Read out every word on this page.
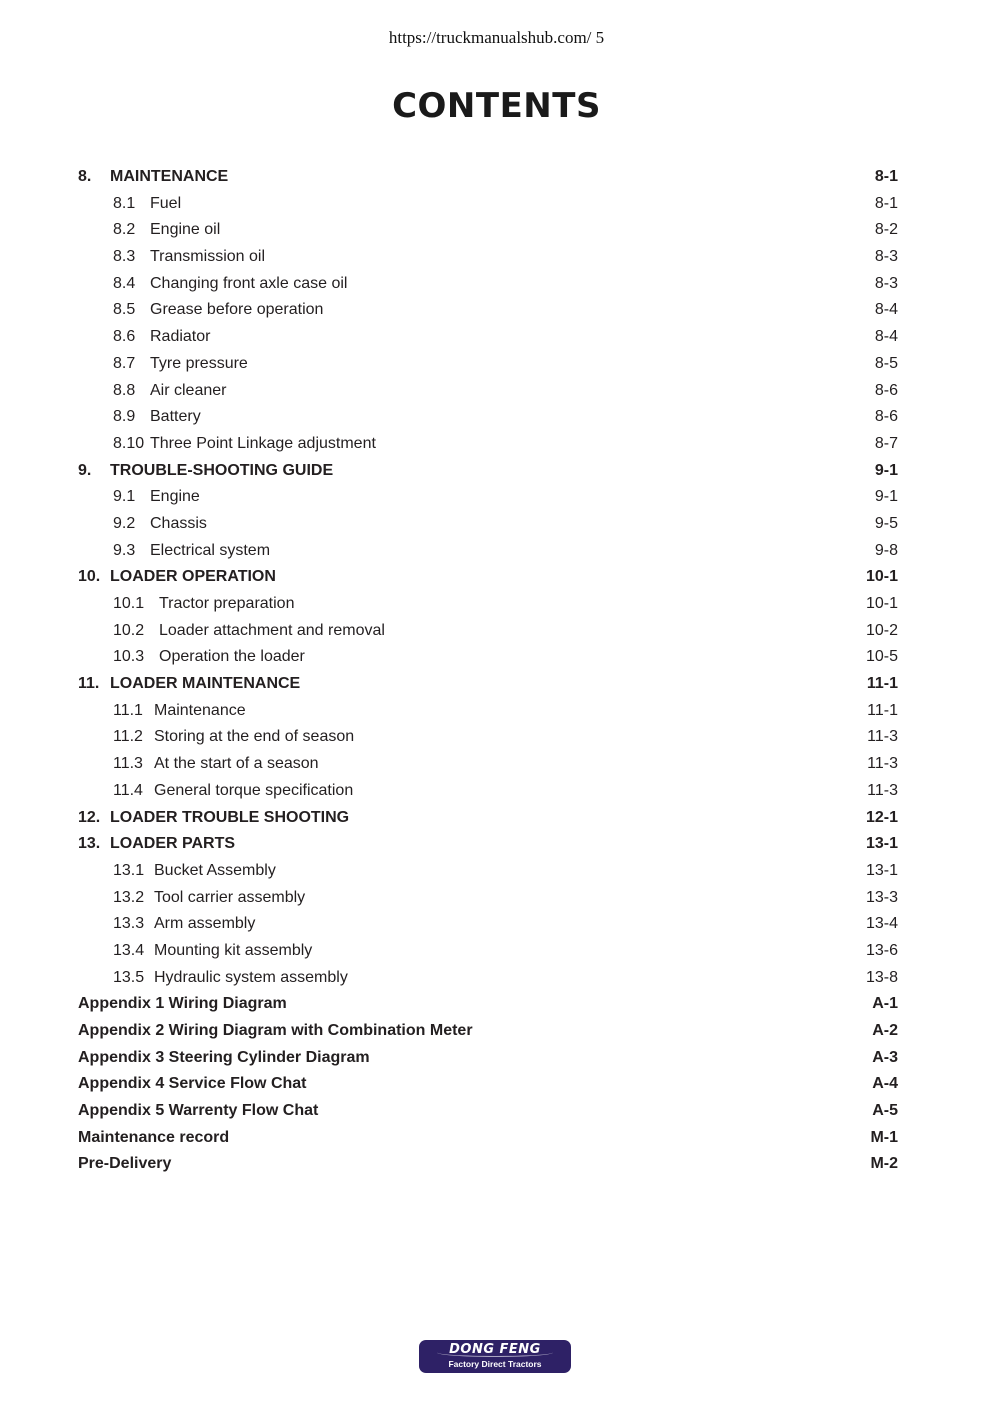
https://truckmanualshub.com/ 5
CONTENTS
8. MAINTENANCE	8-1
8.1 Fuel	8-1
8.2 Engine oil	8-2
8.3 Transmission oil	8-3
8.4 Changing front axle case oil	8-3
8.5 Grease before operation	8-4
8.6 Radiator	8-4
8.7 Tyre pressure	8-5
8.8 Air cleaner	8-6
8.9 Battery	8-6
8.10 Three Point Linkage adjustment	8-7
9. TROUBLE-SHOOTING GUIDE	9-1
9.1 Engine	9-1
9.2 Chassis	9-5
9.3 Electrical system	9-8
10. LOADER OPERATION	10-1
10.1 Tractor preparation	10-1
10.2 Loader attachment and removal	10-2
10.3 Operation the loader	10-5
11. LOADER MAINTENANCE	11-1
11.1 Maintenance	11-1
11.2 Storing at the end of season	11-3
11.3 At the start of a season	11-3
11.4 General torque specification	11-3
12. LOADER TROUBLE SHOOTING	12-1
13. LOADER PARTS	13-1
13.1 Bucket Assembly	13-1
13.2 Tool carrier assembly	13-3
13.3 Arm assembly	13-4
13.4 Mounting kit assembly	13-6
13.5 Hydraulic system assembly	13-8
Appendix 1 Wiring Diagram	A-1
Appendix 2 Wiring Diagram with Combination Meter	A-2
Appendix 3 Steering Cylinder Diagram	A-3
Appendix 4 Service Flow Chat	A-4
Appendix 5 Warrenty Flow Chat	A-5
Maintenance record	M-1
Pre-Delivery	M-2
DONG FENG
Factory Direct Tractors
